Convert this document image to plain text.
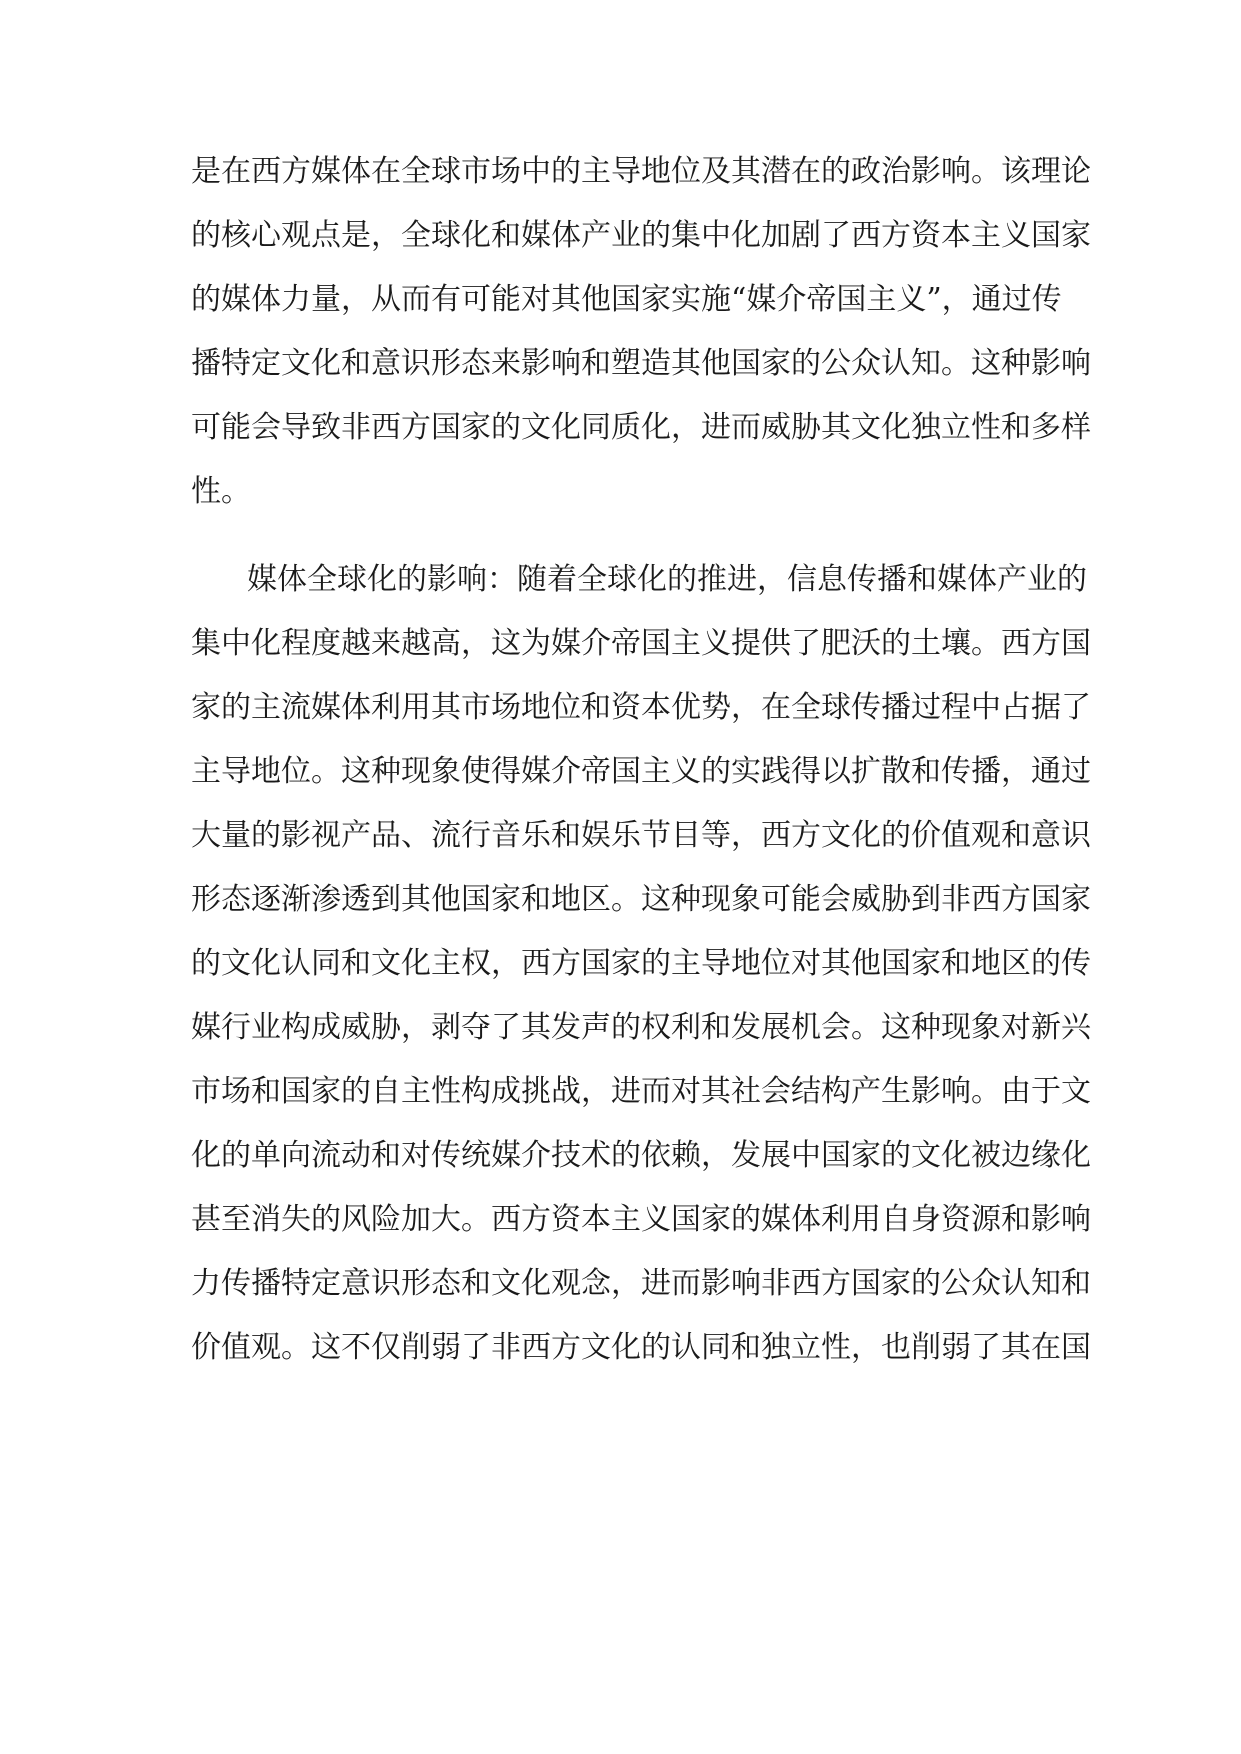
是在西方媒体在全球市场中的主导地位及其潜在的政治影响。该理论
的核心观点是，全球化和媒体产业的集中化加剧了西方资本主义国家
的媒体力量，从而有可能对其他国家实施“媒介帝国主义”，通过传
播特定文化和意识形态来影响和塑造其他国家的公众认知。这种影响
可能会导致非西方国家的文化同质化，进而威胁其文化独立性和多样
性。
媒体全球化的影响：随着全球化的推进，信息传播和媒体产业的
集中化程度越来越高，这为媒介帝国主义提供了肥沃的土壤。西方国
家的主流媒体利用其市场地位和资本优势，在全球传播过程中占据了
主导地位。这种现象使得媒介帝国主义的实践得以扩散和传播，通过
大量的影视产品、流行音乐和娱乐节目等，西方文化的价值观和意识
形态逐渐渗透到其他国家和地区。这种现象可能会威胁到非西方国家
的文化认同和文化主权，西方国家的主导地位对其他国家和地区的传
媒行业构成威胁，剥夺了其发声的权利和发展机会。这种现象对新兴
市场和国家的自主性构成挑战，进而对其社会结构产生影响。由于文
化的单向流动和对传统媒介技术的依赖，发展中国家的文化被边缘化
甚至消失的风险加大。西方资本主义国家的媒体利用自身资源和影响
力传播特定意识形态和文化观念，进而影响非西方国家的公众认知和
价值观。这不仅削弱了非西方文化的认同和独立性，也削弱了其在国
